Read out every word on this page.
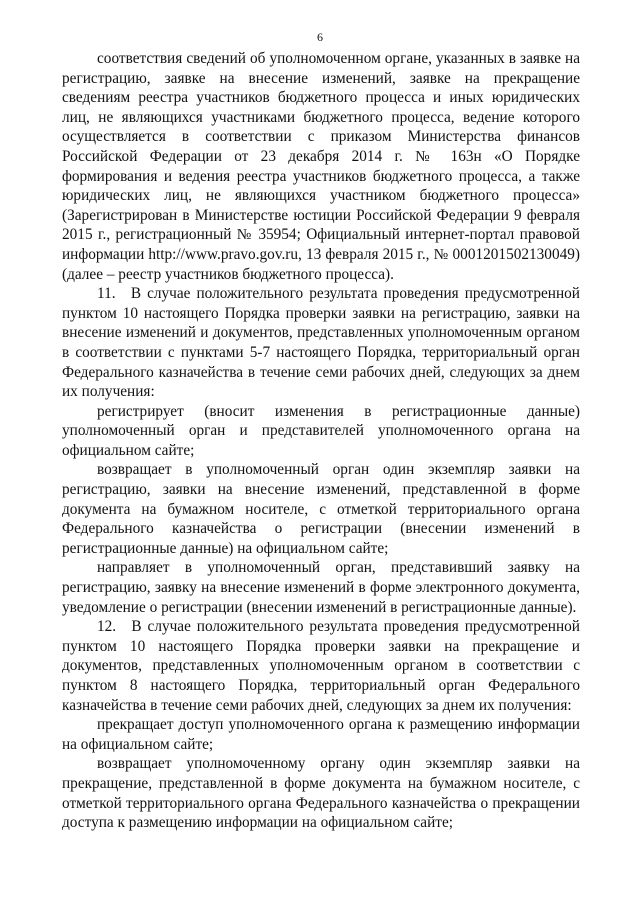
6

соответствия сведений об уполномоченном органе, указанных в заявке на регистрацию, заявке на внесение изменений, заявке на прекращение сведениям реестра участников бюджетного процесса и иных юридических лиц, не являющихся участниками бюджетного процесса, ведение которого осуществляется в соответствии с приказом Министерства финансов Российской Федерации от 23 декабря 2014 г. № 163н «О Порядке формирования и ведения реестра участников бюджетного процесса, а также юридических лиц, не являющихся участником бюджетного процесса» (Зарегистрирован в Министерстве юстиции Российской Федерации 9 февраля 2015 г., регистрационный № 35954; Официальный интернет-портал правовой информации http://www.pravo.gov.ru, 13 февраля 2015 г., № 0001201502130049) (далее – реестр участников бюджетного процесса).

11. В случае положительного результата проведения предусмотренной пунктом 10 настоящего Порядка проверки заявки на регистрацию, заявки на внесение изменений и документов, представленных уполномоченным органом в соответствии с пунктами 5-7 настоящего Порядка, территориальный орган Федерального казначейства в течение семи рабочих дней, следующих за днем их получения:

регистрирует (вносит изменения в регистрационные данные) уполномоченный орган и представителей уполномоченного органа на официальном сайте;

возвращает в уполномоченный орган один экземпляр заявки на регистрацию, заявки на внесение изменений, представленной в форме документа на бумажном носителе, с отметкой территориального органа Федерального казначейства о регистрации (внесении изменений в регистрационные данные) на официальном сайте;

направляет в уполномоченный орган, представивший заявку на регистрацию, заявку на внесение изменений в форме электронного документа, уведомление о регистрации (внесении изменений в регистрационные данные).

12. В случае положительного результата проведения предусмотренной пунктом 10 настоящего Порядка проверки заявки на прекращение и документов, представленных уполномоченным органом в соответствии с пунктом 8 настоящего Порядка, территориальный орган Федерального казначейства в течение семи рабочих дней, следующих за днем их получения:

прекращает доступ уполномоченного органа к размещению информации на официальном сайте;

возвращает уполномоченному органу один экземпляр заявки на прекращение, представленной в форме документа на бумажном носителе, с отметкой территориального органа Федерального казначейства о прекращении доступа к размещению информации на официальном сайте;
